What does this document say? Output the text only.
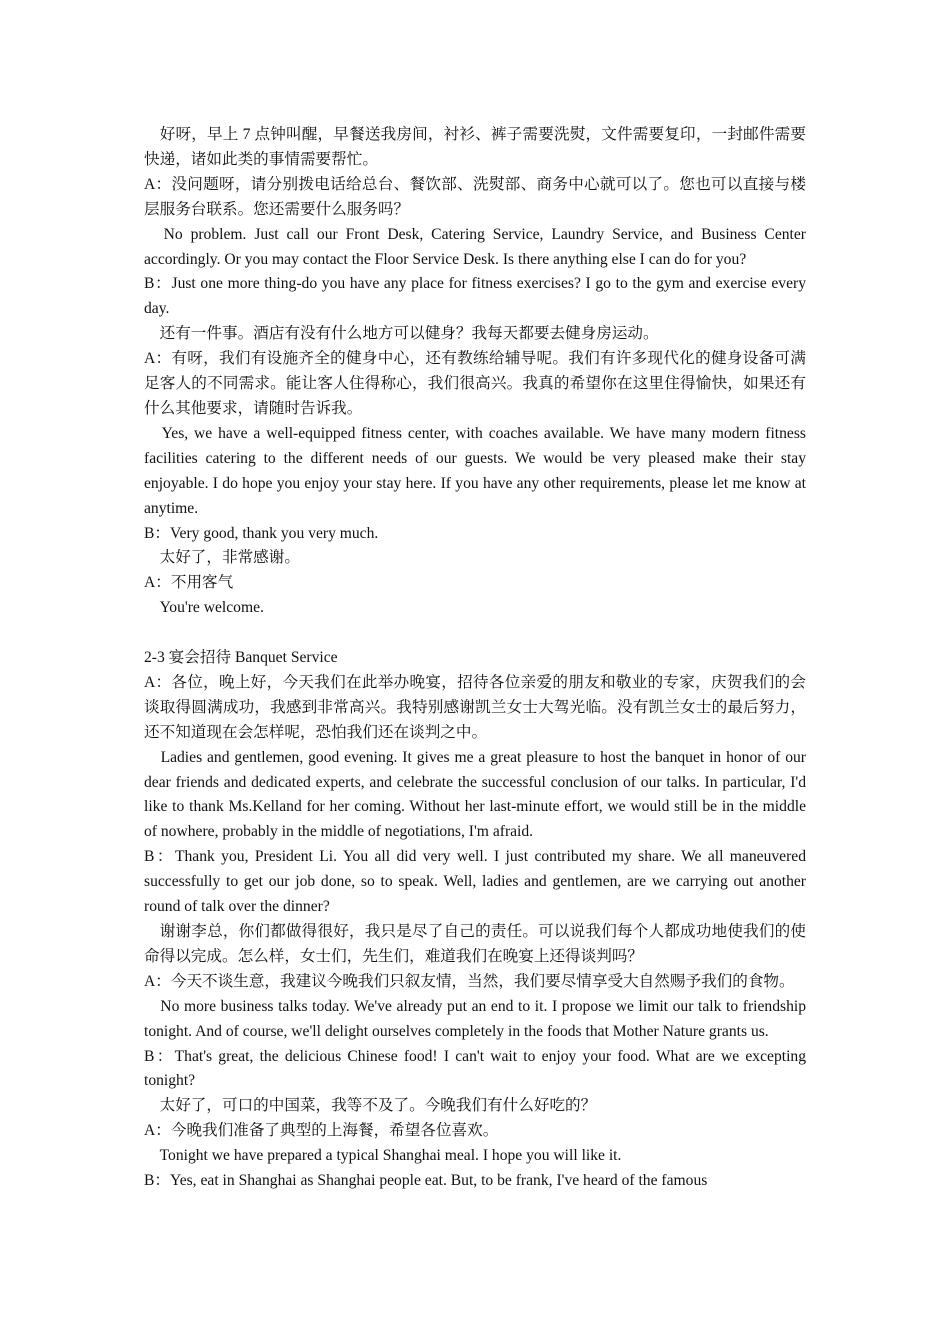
　好呀，早上 7 点钟叫醒，早餐送我房间，衬衫、裤子需要洗熨，文件需要复印，一封邮件需要快递，诸如此类的事情需要帮忙。

A：没问题呀，请分别拨电话给总台、餐饮部、洗熨部、商务中心就可以了。您也可以直接与楼层服务台联系。您还需要什么服务吗？

　No problem. Just call our Front Desk, Catering Service, Laundry Service, and Business Center accordingly. Or you may contact the Floor Service Desk. Is there anything else I can do for you?

B：Just one more thing-do you have any place for fitness exercises? I go to the gym and exercise every day.

　还有一件事。酒店有没有什么地方可以健身？我每天都要去健身房运动。

A：有呀，我们有设施齐全的健身中心，还有教练给辅导呢。我们有许多现代化的健身设备可满足客人的不同需求。能让客人住得称心，我们很高兴。我真的希望你在这里住得愉快，如果还有什么其他要求，请随时告诉我。

　Yes, we have a well-equipped fitness center, with coaches available. We have many modern fitness facilities catering to the different needs of our guests. We would be very pleased make their stay enjoyable. I do hope you enjoy your stay here. If you have any other requirements, please let me know at anytime.

B：Very good, thank you very much.

　太好了，非常感谢。

A：不用客气

　You're welcome.

2-3 宴会招待 Banquet Service

A：各位，晚上好，今天我们在此举办晚宴，招待各位亲爱的朋友和敬业的专家，庆贺我们的会谈取得圆满成功，我感到非常高兴。我特别感谢凯兰女士大驾光临。没有凯兰女士的最后努力，还不知道现在会怎样呢，恐怕我们还在谈判之中。

　Ladies and gentlemen, good evening. It gives me a great pleasure to host the banquet in honor of our dear friends and dedicated experts, and celebrate the successful conclusion of our talks. In particular, I'd like to thank Ms.Kelland for her coming. Without her last-minute effort, we would still be in the middle of nowhere, probably in the middle of negotiations, I'm afraid.

B：Thank you, President Li. You all did very well. I just contributed my share. We all maneuvered successfully to get our job done, so to speak. Well, ladies and gentlemen, are we carrying out another round of talk over the dinner?

　谢谢李总，你们都做得很好，我只是尽了自己的责任。可以说我们每个人都成功地使我们的使命得以完成。怎么样，女士们，先生们，难道我们在晚宴上还得谈判吗？

A：今天不谈生意，我建议今晚我们只叙友情，当然，我们要尽情享受大自然赐予我们的食物。

　No more business talks today. We've already put an end to it. I propose we limit our talk to friendship tonight. And of course, we'll delight ourselves completely in the foods that Mother Nature grants us.

B：That's great, the delicious Chinese food! I can't wait to enjoy your food. What are we excepting tonight?

　太好了，可口的中国菜，我等不及了。今晚我们有什么好吃的？

A：今晚我们准备了典型的上海餐，希望各位喜欢。

　Tonight we have prepared a typical Shanghai meal. I hope you will like it.

B：Yes, eat in Shanghai as Shanghai people eat. But, to be frank, I've heard of the famous
